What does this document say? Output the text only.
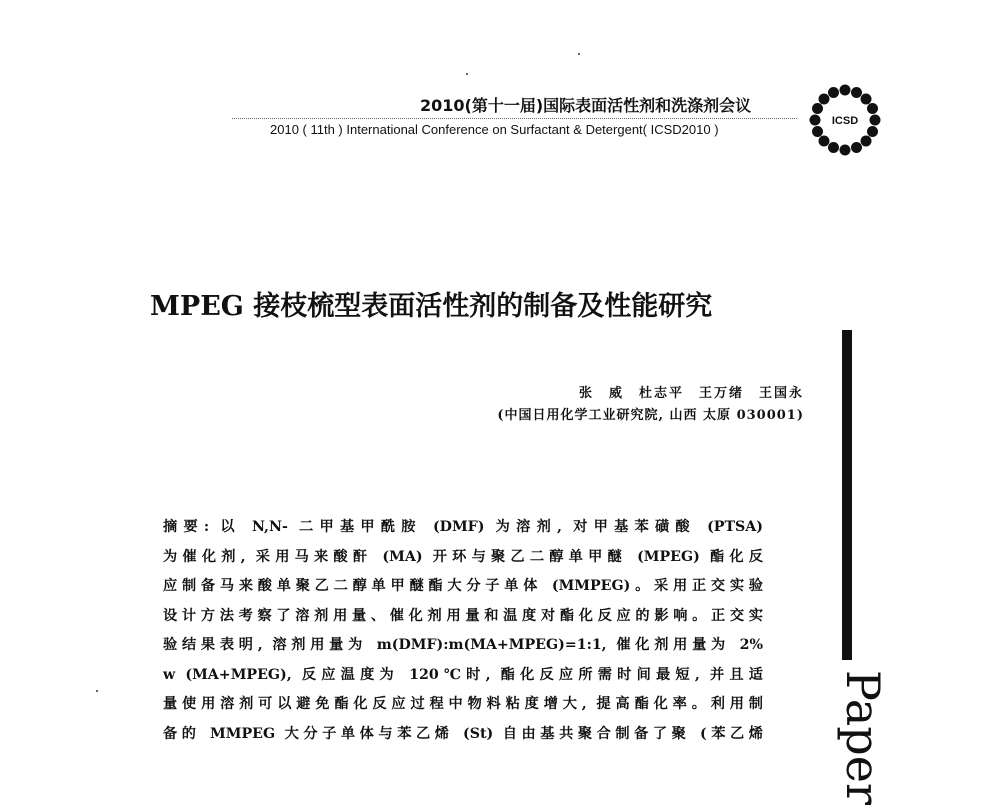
2010(第十一届)国际表面活性剂和洗涤剂会议
2010 ( 11th ) International Conference on Surfactant & Detergent( ICSD2010 )
ICSD
MPEG 接枝梳型表面活性剂的制备及性能研究
Paper
张　威　杜志平　王万绪　王国永
(中国日用化学工业研究院, 山西 太原 030001)
摘要: 以 N,N- 二甲基甲酰胺 (DMF) 为溶剂, 对甲基苯磺酸 (PTSA)
为催化剂, 采用马来酸酐 (MA) 开环与聚乙二醇单甲醚 (MPEG) 酯化反
应制备马来酸单聚乙二醇单甲醚酯大分子单体 (MMPEG)。采用正交实验
设计方法考察了溶剂用量、催化剂用量和温度对酯化反应的影响。正交实
验结果表明, 溶剂用量为 m(DMF):m(MA+MPEG)=1:1, 催化剂用量为 2%
w (MA+MPEG), 反应温度为 120℃时, 酯化反应所需时间最短, 并且适
量使用溶剂可以避免酯化反应过程中物料粘度增大, 提高酯化率。利用制
备的 MMPEG 大分子单体与苯乙烯 (St) 自由基共聚合制备了聚 (苯乙烯
